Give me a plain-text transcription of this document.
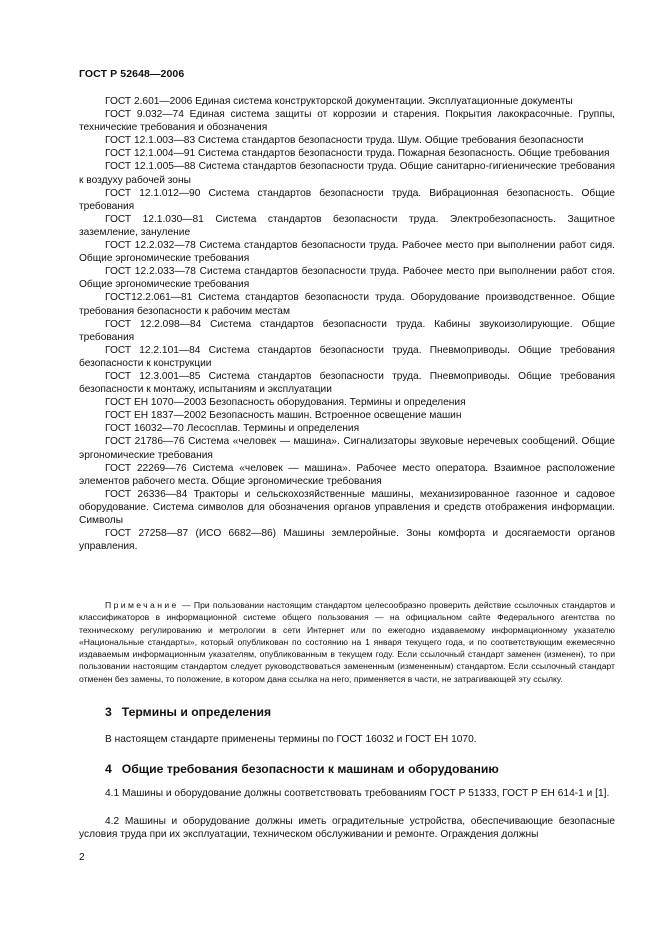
ГОСТ Р 52648—2006

ГОСТ 2.601—2006 Единая система конструкторской документации. Эксплуатационные документы

ГОСТ 9.032—74 Единая система защиты от коррозии и старения. Покрытия лакокрасочные. Группы, технические требования и обозначения

ГОСТ 12.1.003—83 Система стандартов безопасности труда. Шум. Общие требования безопасности

ГОСТ 12.1.004—91 Система стандартов безопасности труда. Пожарная безопасность. Общие требования

ГОСТ 12.1.005—88 Система стандартов безопасности труда. Общие санитарно-гигиенические требования к воздуху рабочей зоны

ГОСТ 12.1.012—90 Система стандартов безопасности труда. Вибрационная безопасность. Общие требования

ГОСТ 12.1.030—81 Система стандартов безопасности труда. Электробезопасность. Защитное заземление, зануление

ГОСТ 12.2.032—78 Система стандартов безопасности труда. Рабочее место при выполнении работ сидя. Общие эргономические требования

ГОСТ 12.2.033—78 Система стандартов безопасности труда. Рабочее место при выполнении работ стоя. Общие эргономические требования

ГОСТ12.2.061—81 Система стандартов безопасности труда. Оборудование производственное. Общие требования безопасности к рабочим местам

ГОСТ 12.2.098—84 Система стандартов безопасности труда. Кабины звукоизолирующие. Общие требования

ГОСТ 12.2.101—84 Система стандартов безопасности труда. Пневмоприводы. Общие требования безопасности к конструкции

ГОСТ 12.3.001—85 Система стандартов безопасности труда. Пневмоприводы. Общие требования безопасности к монтажу, испытаниям и эксплуатации

ГОСТ ЕН 1070—2003 Безопасность оборудования. Термины и определения

ГОСТ ЕН 1837—2002 Безопасность машин. Встроенное освещение машин

ГОСТ 16032—70 Лесосплав. Термины и определения

ГОСТ 21786—76 Система «человек — машина». Сигнализаторы звуковые неречевых сообщений. Общие эргономические требования

ГОСТ 22269—76 Система «человек — машина». Рабочее место оператора. Взаимное расположение элементов рабочего места. Общие эргономические требования

ГОСТ 26336—84 Тракторы и сельскохозяйственные машины, механизированное газонное и садовое оборудование. Система символов для обозначения органов управления и средств отображения информации. Символы

ГОСТ 27258—87 (ИСО 6682—86) Машины землеройные. Зоны комфорта и досягаемости органов управления.

Примечание — При пользовании настоящим стандартом целесообразно проверить действие ссылочных стандартов и классификаторов в информационной системе общего пользования — на официальном сайте Федерального агентства по техническому регулированию и метрологии в сети Интернет или по ежегодно издаваемому информационному указателю «Национальные стандарты», который опубликован по состоянию на 1 января текущего года, и по соответствующим ежемесячно издаваемым информационным указателям, опубликованным в текущем году. Если ссылочный стандарт заменен (изменен), то при пользовании настоящим стандартом следует руководствоваться замененным (измененным) стандартом. Если ссылочный стандарт отменен без замены, то положение, в котором дана ссылка на него, применяется в части, не затрагивающей эту ссылку.
3 Термины и определения

В настоящем стандарте применены термины по ГОСТ 16032 и ГОСТ ЕН 1070.

4 Общие требования безопасности к машинам и оборудованию

4.1 Машины и оборудование должны соответствовать требованиям ГОСТ Р 51333, ГОСТ Р ЕН 614-1 и [1].

4.2 Машины и оборудование должны иметь оградительные устройства, обеспечивающие безопасные условия труда при их эксплуатации, техническом обслуживании и ремонте. Ограждения должны

2
